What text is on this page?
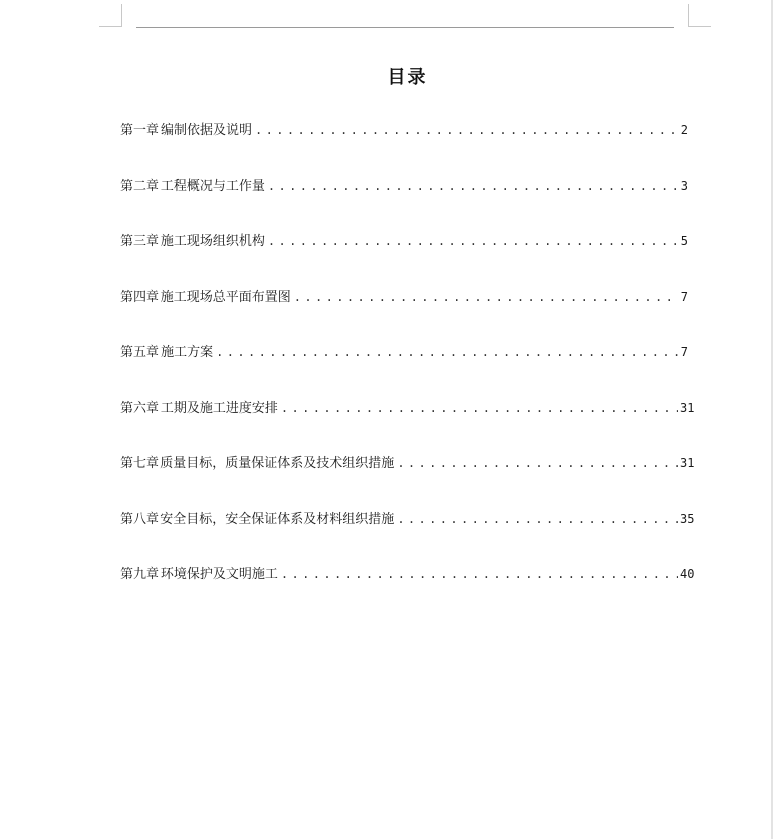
目录
第一章 编制依据及说明 .....	2
第二章 工程概况与工作量 .....	3
第三章 施工现场组织机构 .....	5
第四章 施工现场总平面布置图 .....	7
第五章 施工方案 .....	7
第六章 工期及施工进度安排 .....	31
第七章 质量目标，质量保证体系及技术组织措施 .....	31
第八章 安全目标，安全保证体系及材料组织措施 .....	35
第九章 环境保护及文明施工 .....	40
